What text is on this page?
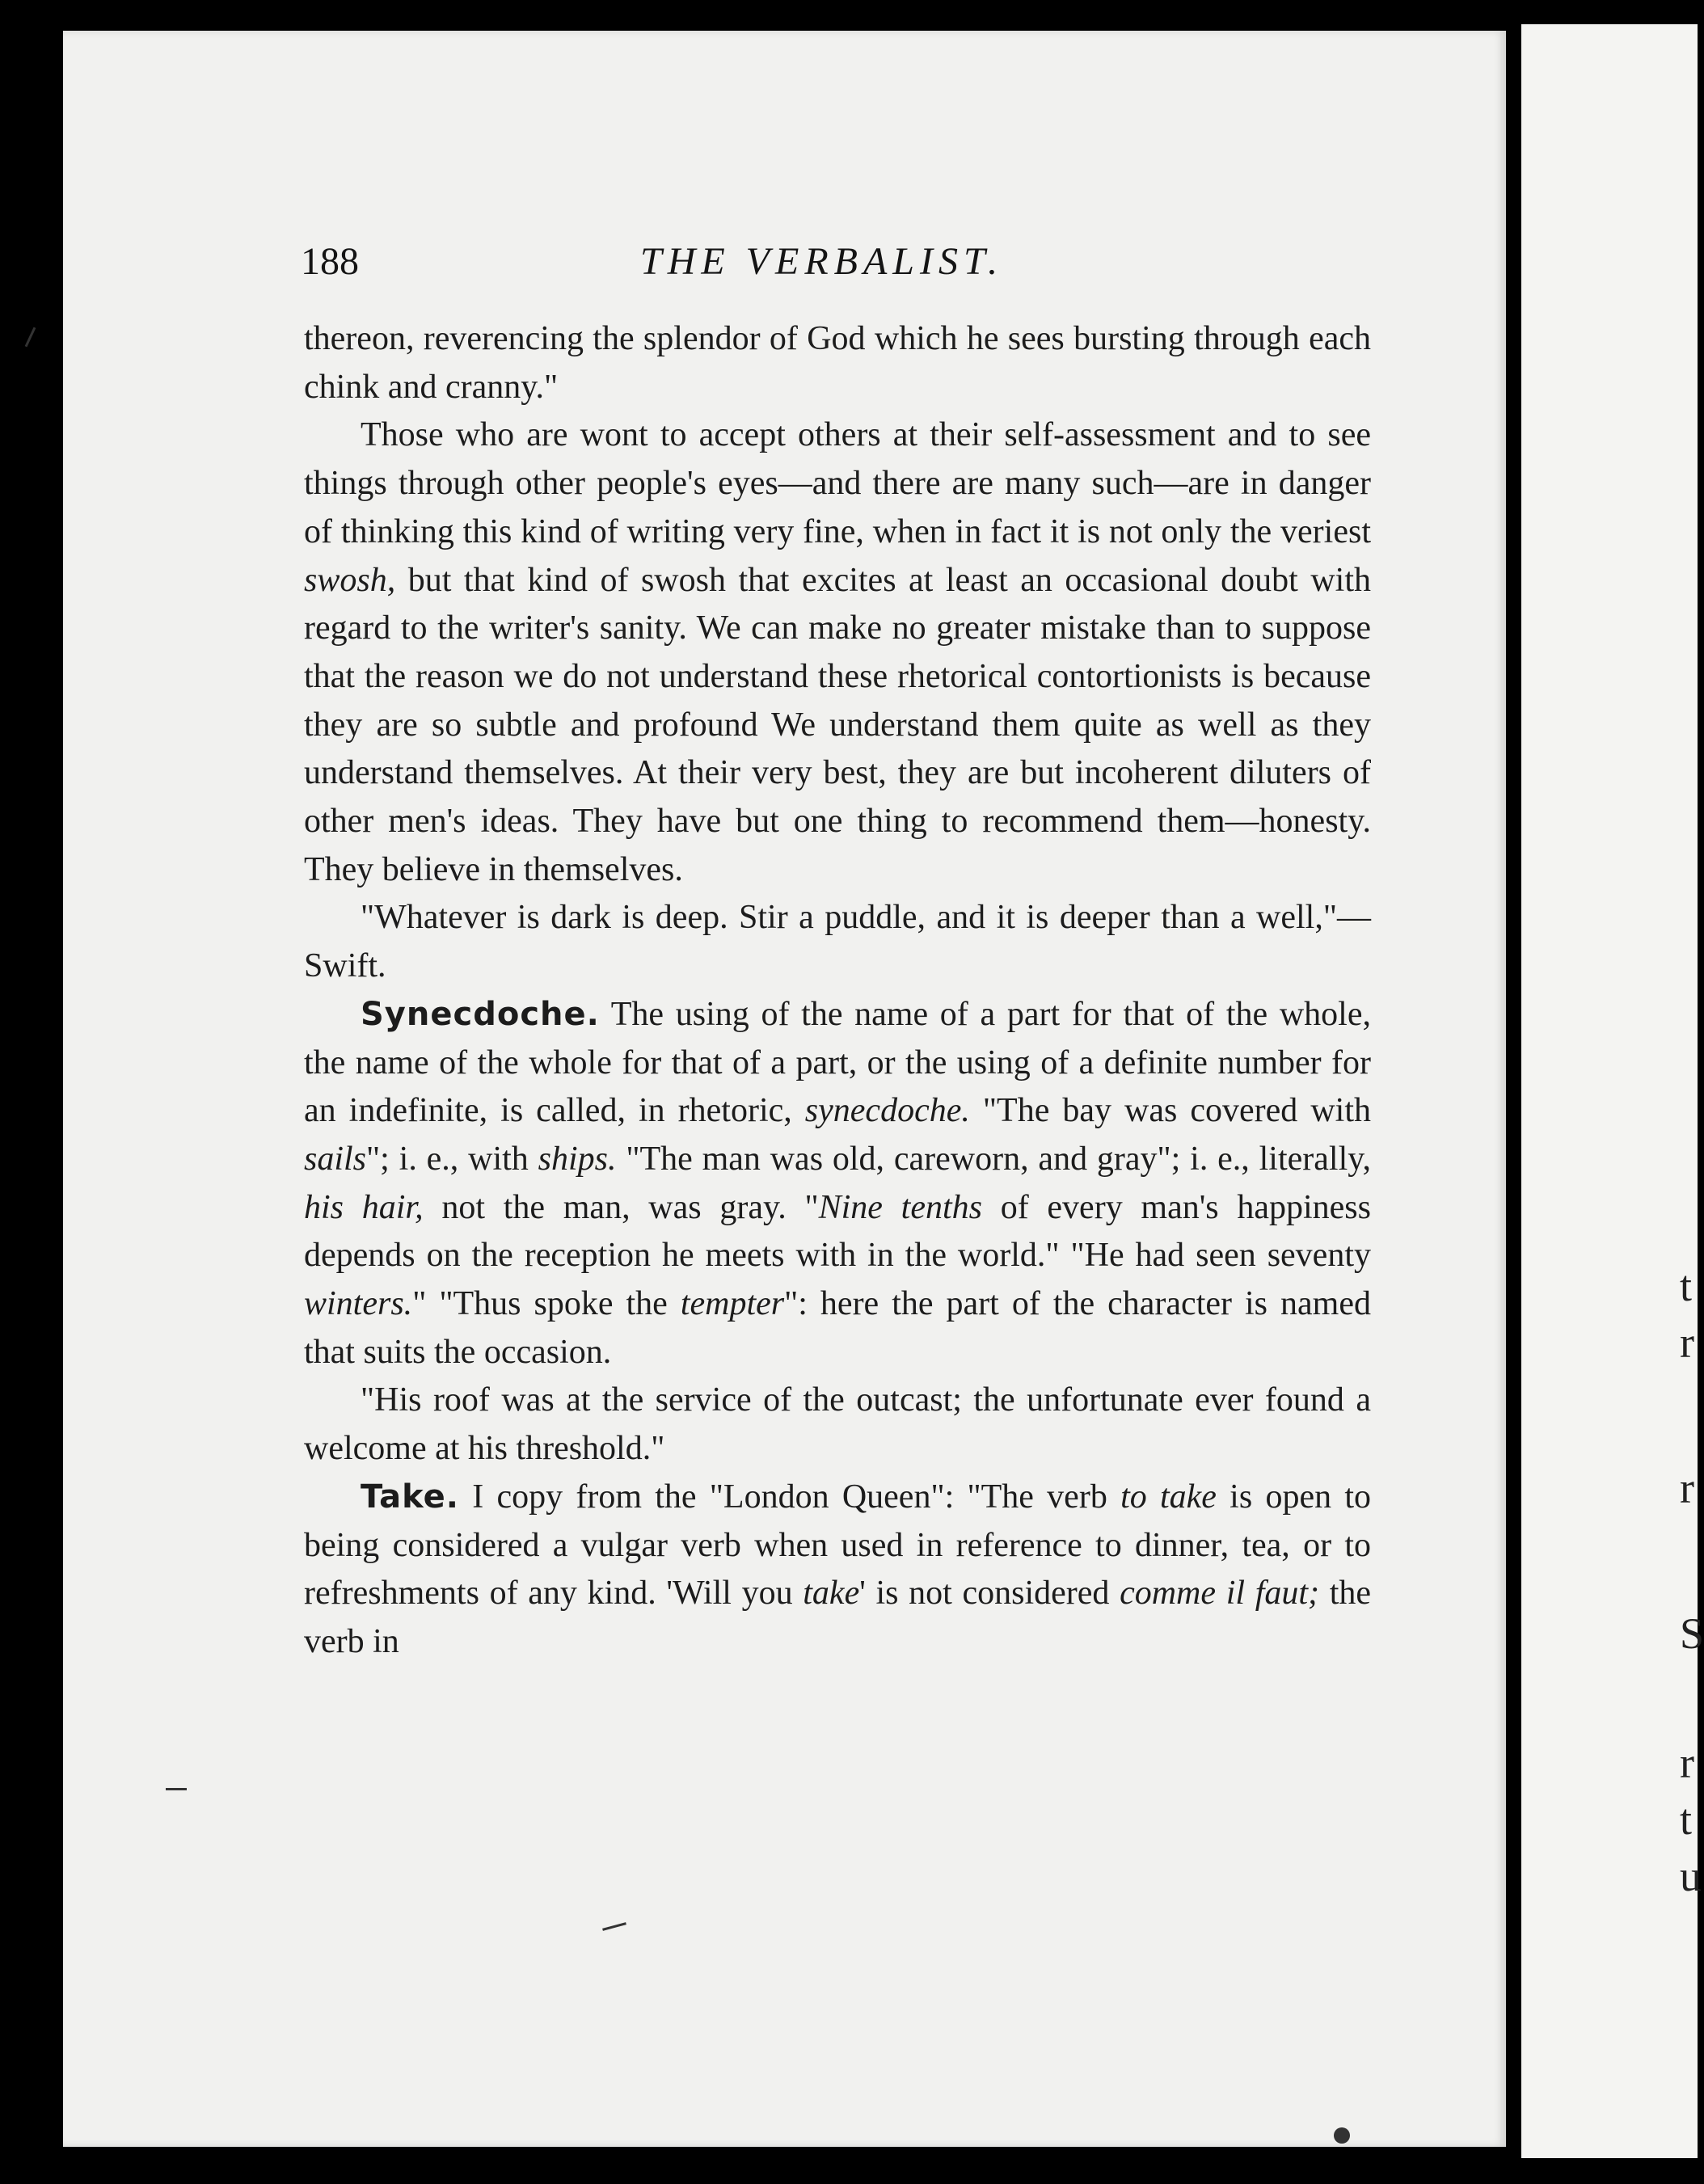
t
r
r
S
r
t
u
188	THE VERBALIST.

thereon, reverencing the splendor of God which he sees bursting through each chink and cranny."

Those who are wont to accept others at their self-assessment and to see things through other people's eyes—and there are many such—are in danger of thinking this kind of writing very fine, when in fact it is not only the veriest swosh, but that kind of swosh that excites at least an occasional doubt with regard to the writer's sanity. We can make no greater mistake than to suppose that the reason we do not understand these rhetorical contortionists is because they are so subtle and profound We understand them quite as well as they understand themselves. At their very best, they are but incoherent diluters of other men's ideas. They have but one thing to recommend them—honesty. They believe in themselves.

"Whatever is dark is deep. Stir a puddle, and it is deeper than a well,"—Swift.

Synecdoche. The using of the name of a part for that of the whole, the name of the whole for that of a part, or the using of a definite number for an indefinite, is called, in rhetoric, synecdoche. "The bay was covered with sails"; i. e., with ships. "The man was old, careworn, and gray"; i. e., literally, his hair, not the man, was gray. "Nine tenths of every man's happiness depends on the reception he meets with in the world." "He had seen seventy winters." "Thus spoke the tempter": here the part of the character is named that suits the occasion.

"His roof was at the service of the outcast; the unfortunate ever found a welcome at his threshold."

Take. I copy from the "London Queen": "The verb to take is open to being considered a vulgar verb when used in reference to dinner, tea, or to refreshments of any kind. 'Will you take' is not considered comme il faut; the verb in
